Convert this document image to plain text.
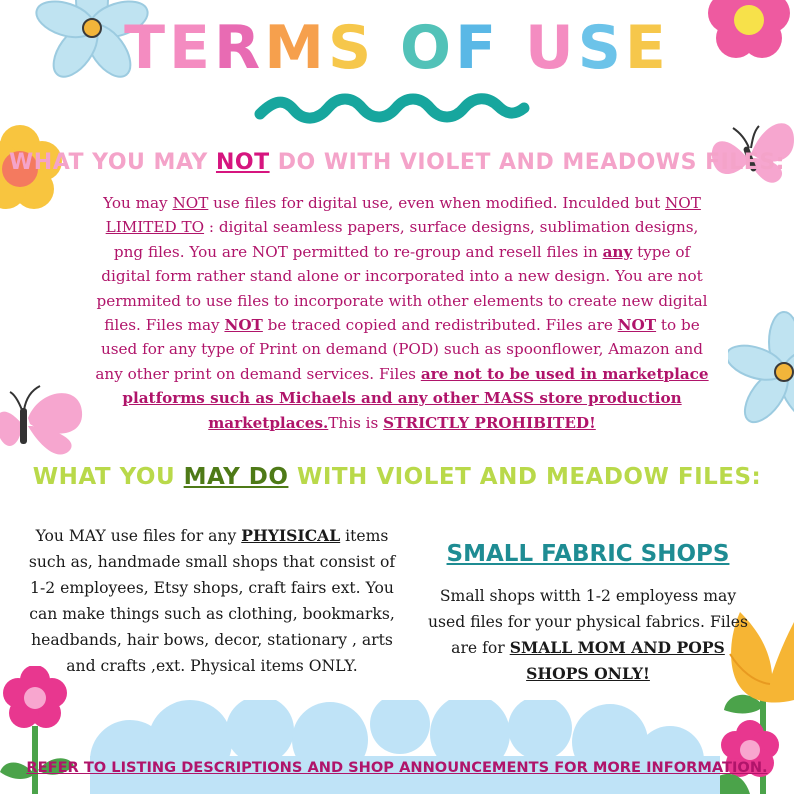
TERMS OF USE
WHAT YOU MAY NOT DO WITH VIOLET AND MEADOWS FILES:
You may NOT use files for digital use, even when modified. Inculded but NOT LIMITED TO : digital seamless papers, surface designs, sublimation designs, png files. You are NOT permitted to re-group and resell files in any type of digital form rather stand alone or incorporated into a new design. You are not permmited to use files to incorporate with other elements to create new digital files. Files may NOT be traced copied and redistributed. Files are NOT to be used for any type of Print on demand (POD) such as spoonflower, Amazon and any other print on demand services. Files are not to be used in marketplace platforms such as Michaels and any other MASS store production marketplaces.This is STRICTLY PROHIBITED!
WHAT YOU MAY DO WITH VIOLET AND MEADOW FILES:
You MAY use files for any PHYISICAL items such as, handmade small shops that consist of 1-2 employees, Etsy shops, craft fairs ext. You can make things such as clothing, bookmarks, headbands, hair bows, decor, stationary , arts and crafts ,ext. Physical items ONLY.
SMALL FABRIC SHOPS
Small shops witth 1-2 employess may used files for your physical fabrics. Files are for SMALL MOM AND POPS SHOPS ONLY!
REFER TO LISTING DESCRIPTIONS AND SHOP ANNOUNCEMENTS FOR MORE INFORMATION.
